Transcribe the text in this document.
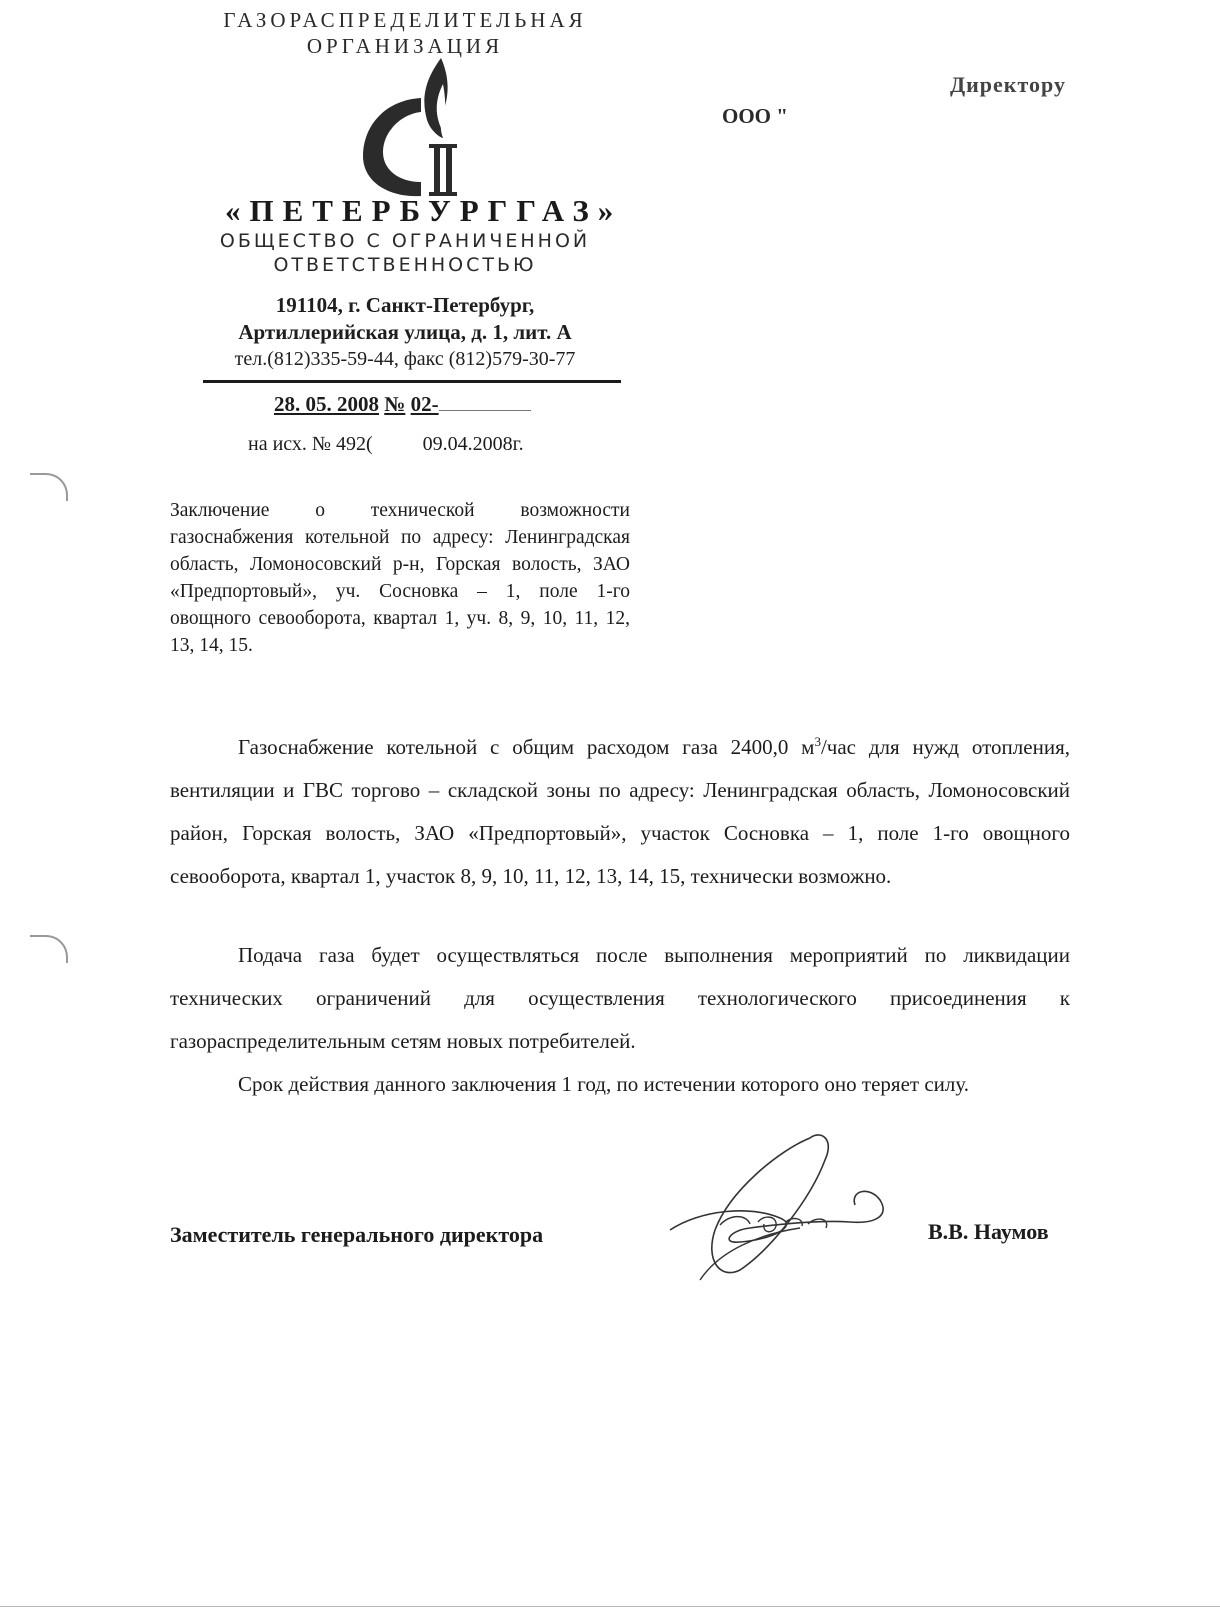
ГАЗОРАСПРЕДЕЛИТЕЛЬНАЯ
ОРГАНИЗАЦИЯ
«ПЕТЕРБУРГГАЗ»
ОБЩЕСТВО С ОГРАНИЧЕННОЙ
ОТВЕТСТВЕННОСТЬЮ
191104, г. Санкт-Петербург,
Артиллерийская улица, д. 1, лит. А
тел.(812)335-59-44, факс (812)579-30-77
28. 05. 2008 № 02-
на исх. № 492(	09.04.2008г.
Директору
ООО "

Заключение о технической возможности газоснабжения котельной по адресу: Ленинградская область, Ломоносовский р-н, Горская волость, ЗАО «Предпортовый», уч. Сосновка – 1, поле 1-го овощного севооборота, квартал 1, уч. 8, 9, 10, 11, 12, 13, 14, 15.

Газоснабжение котельной с общим расходом газа 2400,0 $м^3$/час для нужд отопления, вентиляции и ГВС торгово – складской зоны по адресу: Ленинградская область, Ломоносовский район, Горская волость, ЗАО «Предпортовый», участок Сосновка – 1, поле 1-го овощного севооборота, квартал 1, участок 8, 9, 10, 11, 12, 13, 14, 15, технически возможно.

Подача газа будет осуществляться после выполнения мероприятий по ликвидации технических ограничений для осуществления технологического присоединения к газораспределительным сетям новых потребителей.

Срок действия данного заключения 1 год, по истечении которого оно теряет силу.

Заместитель генерального директора	В.В. Наумов
